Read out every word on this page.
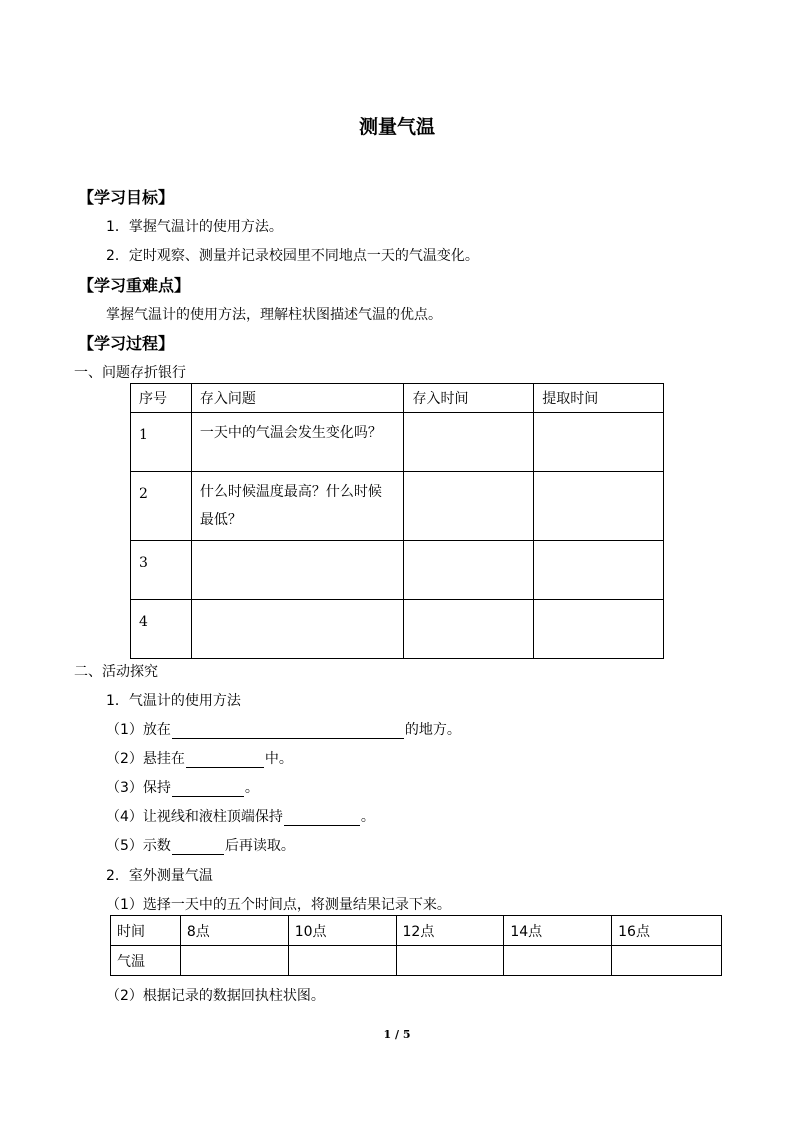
测量气温
【学习目标】
1．掌握气温计的使用方法。
2．定时观察、测量并记录校园里不同地点一天的气温变化。
【学习重难点】
掌握气温计的使用方法，理解柱状图描述气温的优点。
【学习过程】
一、问题存折银行
序号	存入问题	存入时间	提取时间

1	一天中的气温会发生变化吗？		

2	什么时候温度最高？什么时候最低？		

3			

4			

二、活动探究
1．气温计的使用方法
（1）放在	的地方。
（2）悬挂在	中。
（3）保持	。
（4）让视线和液柱顶端保持	。
（5）示数	后再读取。
2．室外测量气温
（1）选择一天中的五个时间点，将测量结果记录下来。
时间	8点	10点	12点	14点	16点
气温					
（2）根据记录的数据回执柱状图。
1 / 5
